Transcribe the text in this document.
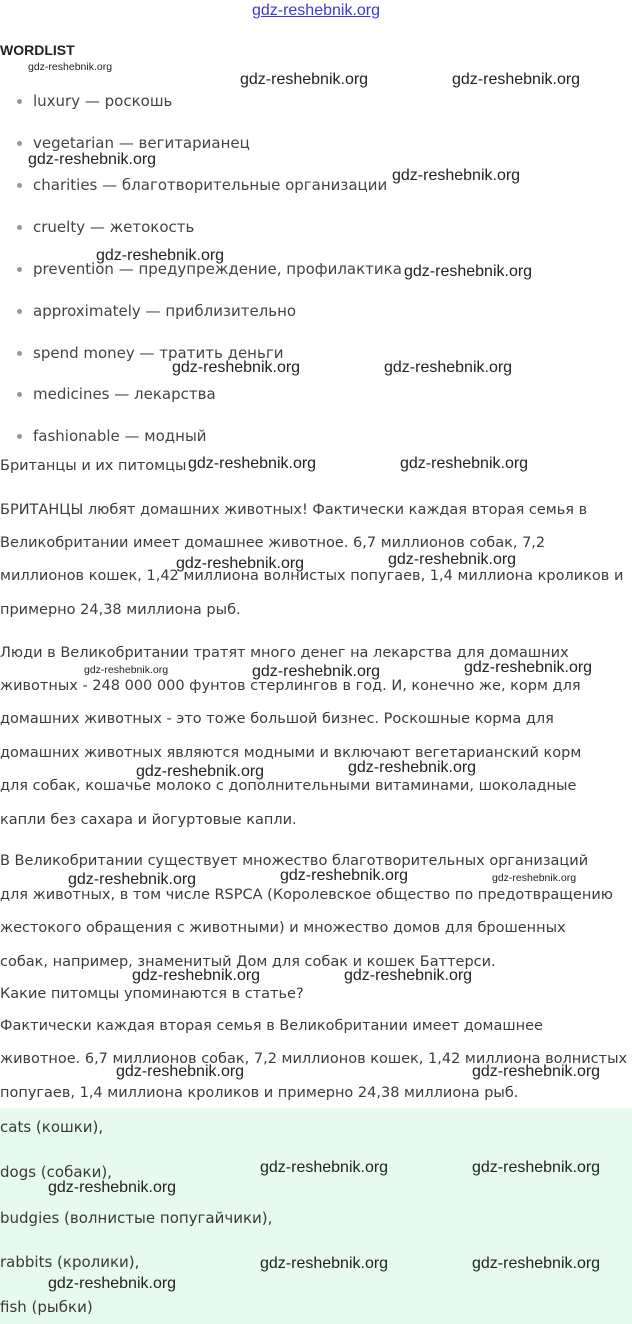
gdz-reshebnik.org
WORDLIST
luxury — роскошь
vegetarian — вегитарианец
charities — благотворительные организации
cruelty — жетокость
prevention — предупреждение, профилактика
approximately — приблизительно
spend money — тратить деньги
medicines — лекарства
fashionable — модный
Британцы и их питомцы
БРИТАНЦЫ любят домашних животных! Фактически каждая вторая семья в
Великобритании имеет домашнее животное. 6,7 миллионов собак, 7,2
миллионов кошек, 1,42 миллиона волнистых попугаев, 1,4 миллиона кроликов и
примерно 24,38 миллиона рыб.
Люди в Великобритании тратят много денег на лекарства для домашних
животных - 248 000 000 фунтов стерлингов в год. И, конечно же, корм для
домашних животных - это тоже большой бизнес. Роскошные корма для
домашних животных являются модными и включают вегетарианский корм
для собак, кошачье молоко с дополнительными витаминами, шоколадные
капли без сахара и йогуртовые капли.
В Великобритании существует множество благотворительных организаций
для животных, в том числе RSPCA (Королевское общество по предотвращению
жестокого обращения с животными) и множество домов для брошенных
собак, например, знаменитый Дом для собак и кошек Баттерси.
Какие питомцы упоминаются в статье?
Фактически каждая вторая семья в Великобритании имеет домашнее
животное. 6,7 миллионов собак, 7,2 миллионов кошек, 1,42 миллиона волнистых
попугаев, 1,4 миллиона кроликов и примерно 24,38 миллиона рыб.
cats (кошки),
dogs (собаки),
budgies (волнистые попугайчики),
rabbits (кролики),
fish (рыбки)
gdz-reshebnik.org
gdz-reshebnik.org	gdz-reshebnik.org
gdz-reshebnik.org
gdz-reshebnik.org
gdz-reshebnik.org
gdz-reshebnik.org
gdz-reshebnik.org	gdz-reshebnik.org
gdz-reshebnik.org	gdz-reshebnik.org
gdz-reshebnik.org	gdz-reshebnik.org
gdz-reshebnik.org	gdz-reshebnik.org	gdz-reshebnik.org
gdz-reshebnik.org	gdz-reshebnik.org
gdz-reshebnik.org	gdz-reshebnik.org	gdz-reshebnik.org
gdz-reshebnik.org	gdz-reshebnik.org
gdz-reshebnik.org	gdz-reshebnik.org
gdz-reshebnik.org	gdz-reshebnik.org
gdz-reshebnik.org
gdz-reshebnik.org	gdz-reshebnik.org
gdz-reshebnik.org
